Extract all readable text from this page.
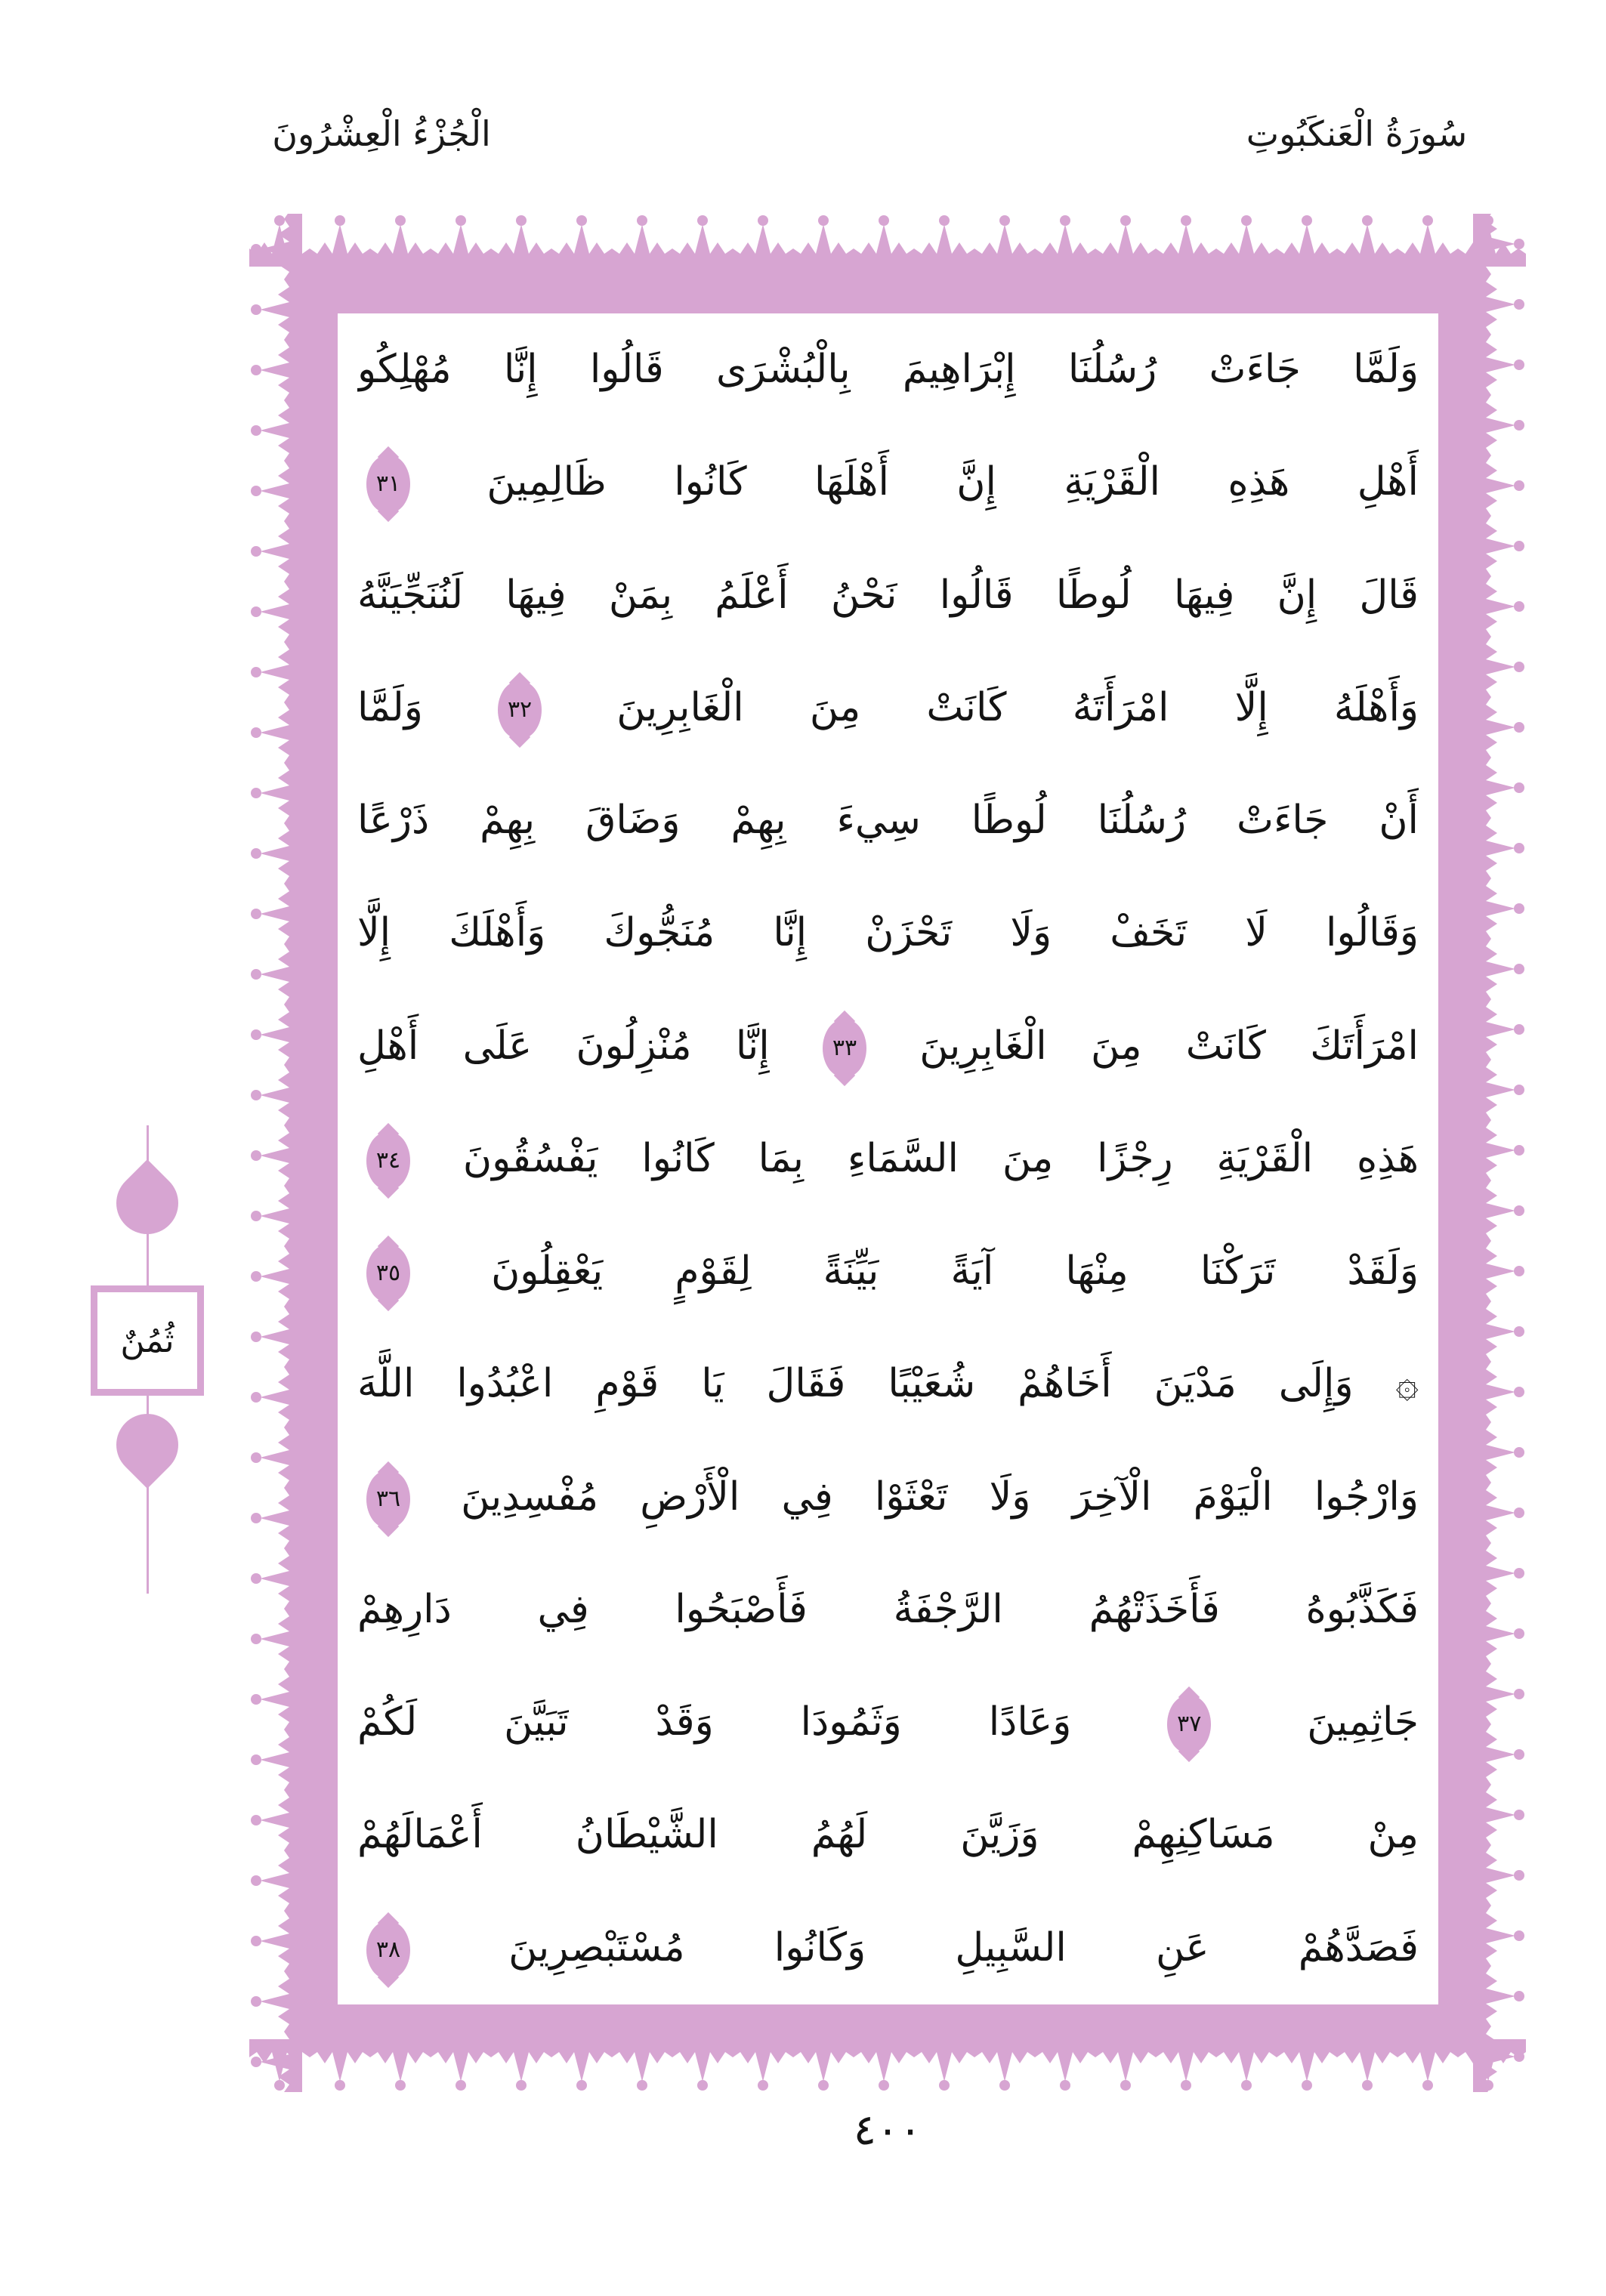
الْجُزْءُ الْعِشْرُونَ	سُورَةُ الْعَنكَبُوتِ
وَلَمَّا جَاءَتْ رُسُلُنَا إِبْرَاهِيمَ بِالْبُشْرَى قَالُوا إِنَّا مُهْلِكُو
أَهْلِ هَذِهِ الْقَرْيَةِ إِنَّ أَهْلَهَا كَانُوا ظَالِمِينَ ٣١
قَالَ إِنَّ فِيهَا لُوطًا قَالُوا نَحْنُ أَعْلَمُ بِمَنْ فِيهَا لَنُنَجِّيَنَّهُ
وَأَهْلَهُ إِلَّا امْرَأَتَهُ كَانَتْ مِنَ الْغَابِرِينَ ٣٢ وَلَمَّا
أَنْ جَاءَتْ رُسُلُنَا لُوطًا سِيءَ بِهِمْ وَضَاقَ بِهِمْ ذَرْعًا
وَقَالُوا لَا تَخَفْ وَلَا تَحْزَنْ إِنَّا مُنَجُّوكَ وَأَهْلَكَ إِلَّا
امْرَأَتَكَ كَانَتْ مِنَ الْغَابِرِينَ ٣٣ إِنَّا مُنْزِلُونَ عَلَى أَهْلِ
هَذِهِ الْقَرْيَةِ رِجْزًا مِنَ السَّمَاءِ بِمَا كَانُوا يَفْسُقُونَ ٣٤
وَلَقَدْ تَرَكْنَا مِنْهَا آيَةً بَيِّنَةً لِقَوْمٍ يَعْقِلُونَ ٣٥
۞ وَإِلَى مَدْيَنَ أَخَاهُمْ شُعَيْبًا فَقَالَ يَا قَوْمِ اعْبُدُوا اللَّهَ
وَارْجُوا الْيَوْمَ الْآخِرَ وَلَا تَعْثَوْا فِي الْأَرْضِ مُفْسِدِينَ ٣٦
فَكَذَّبُوهُ فَأَخَذَتْهُمُ الرَّجْفَةُ فَأَصْبَحُوا فِي دَارِهِمْ
جَاثِمِينَ ٣٧ وَعَادًا وَثَمُودَا وَقَدْ تَبَيَّنَ لَكُمْ
مِنْ مَسَاكِنِهِمْ وَزَيَّنَ لَهُمُ الشَّيْطَانُ أَعْمَالَهُمْ
فَصَدَّهُمْ عَنِ السَّبِيلِ وَكَانُوا مُسْتَبْصِرِينَ ٣٨
ثُمُنٌ
٤٠٠
